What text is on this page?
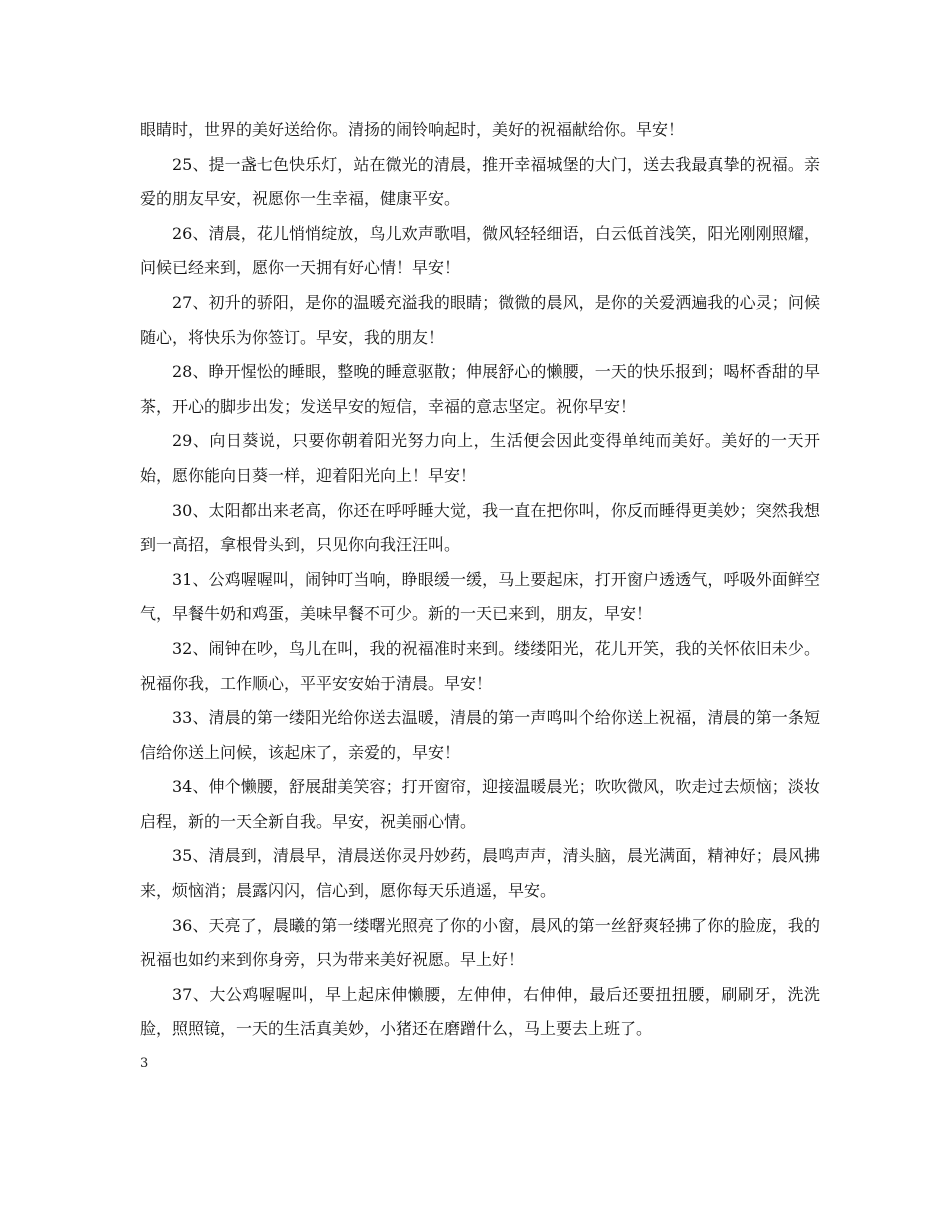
眼睛时，世界的美好送给你。清扬的闹铃响起时，美好的祝福献给你。早安！

25、提一盏七色快乐灯，站在微光的清晨，推开幸福城堡的大门，送去我最真挚的祝福。亲爱的朋友早安，祝愿你一生幸福，健康平安。

26、清晨，花儿悄悄绽放，鸟儿欢声歌唱，微风轻轻细语，白云低首浅笑，阳光刚刚照耀，问候已经来到，愿你一天拥有好心情！早安！

27、初升的骄阳，是你的温暖充溢我的眼睛；微微的晨风，是你的关爱洒遍我的心灵；问候随心，将快乐为你签订。早安，我的朋友！

28、睁开惺忪的睡眼，整晚的睡意驱散；伸展舒心的懒腰，一天的快乐报到；喝杯香甜的早茶，开心的脚步出发；发送早安的短信，幸福的意志坚定。祝你早安！

29、向日葵说，只要你朝着阳光努力向上，生活便会因此变得单纯而美好。美好的一天开始，愿你能向日葵一样，迎着阳光向上！早安！

30、太阳都出来老高，你还在呼呼睡大觉，我一直在把你叫，你反而睡得更美妙；突然我想到一高招，拿根骨头到，只见你向我汪汪叫。

31、公鸡喔喔叫，闹钟叮当响，睁眼缓一缓，马上要起床，打开窗户透透气，呼吸外面鲜空气，早餐牛奶和鸡蛋，美味早餐不可少。新的一天已来到，朋友，早安！

32、闹钟在吵，鸟儿在叫，我的祝福准时来到。缕缕阳光，花儿开笑，我的关怀依旧未少。祝福你我，工作顺心，平平安安始于清晨。早安！

33、清晨的第一缕阳光给你送去温暖，清晨的第一声鸣叫个给你送上祝福，清晨的第一条短信给你送上问候，该起床了，亲爱的，早安！

34、伸个懒腰，舒展甜美笑容；打开窗帘，迎接温暖晨光；吹吹微风，吹走过去烦恼；淡妆启程，新的一天全新自我。早安，祝美丽心情。

35、清晨到，清晨早，清晨送你灵丹妙药，晨鸣声声，清头脑，晨光满面，精神好；晨风拂来，烦恼消；晨露闪闪，信心到，愿你每天乐逍遥，早安。

36、天亮了，晨曦的第一缕曙光照亮了你的小窗，晨风的第一丝舒爽轻拂了你的脸庞，我的祝福也如约来到你身旁，只为带来美好祝愿。早上好！

37、大公鸡喔喔叫，早上起床伸懒腰，左伸伸，右伸伸，最后还要扭扭腰，刷刷牙，洗洗脸，照照镜，一天的生活真美妙，小猪还在磨蹭什么，马上要去上班了。

3
